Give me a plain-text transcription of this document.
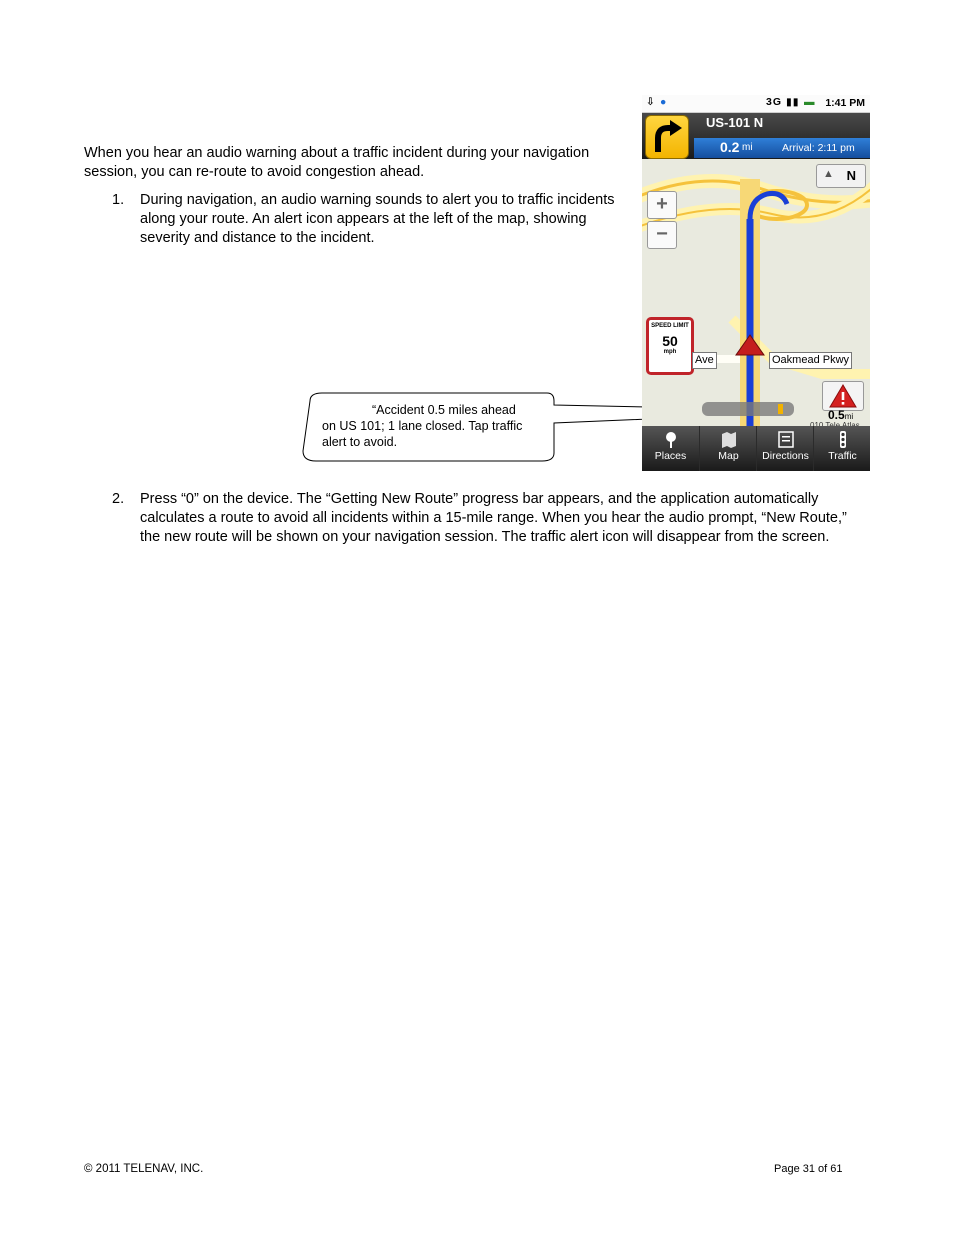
When you hear an audio warning about a traffic incident during your navigation session, you can re-route to avoid congestion ahead.
1. During navigation, an audio warning sounds to alert you to traffic incidents along your route. An alert icon appears at the left of the map, showing severity and distance to the incident.
⇩ ●	3G ▮▮ ▬ 1:41 PM
US-101 N
0.2 mi	Arrival: 2:11 pm
▲ N
+
−
SPEED LIMIT
50
mph
Ave	Oakmead Pkwy
0.5mi
Places	Map	Directions	Traffic
“Accident 0.5 miles ahead
on US 101; 1 lane closed. Tap traffic alert to avoid.
2. Press “0” on the device. The “Getting New Route” progress bar appears, and the application automatically calculates a route to avoid all incidents within a 15-mile range. When you hear the audio prompt, “New Route,” the new route will be shown on your navigation session. The traffic alert icon will disappear from the screen.
© 2011 TELENAV, INC.	Page 31 of 61
